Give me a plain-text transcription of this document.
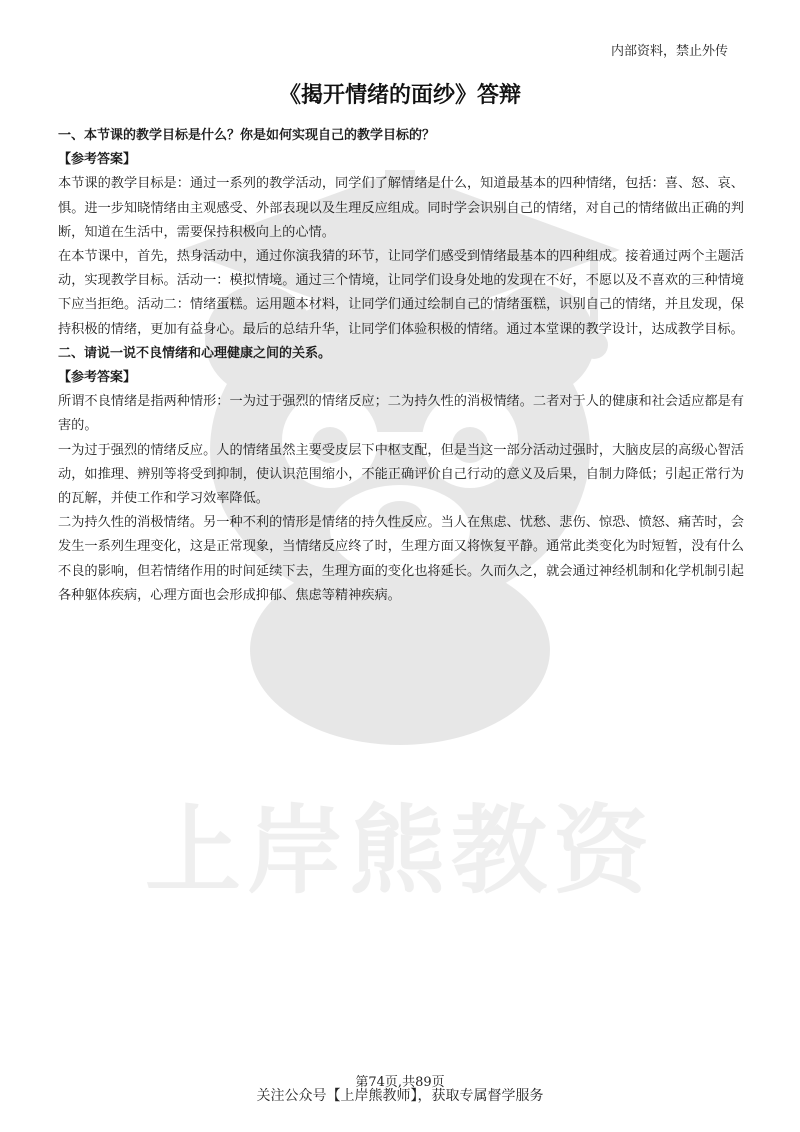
上岸熊教资
内部资料，禁止外传
《揭开情绪的面纱》答辩

一、本节课的教学目标是什么？你是如何实现自己的教学目标的？

【参考答案】

本节课的教学目标是：通过一系列的教学活动，同学们了解情绪是什么，知道最基本的四种情绪，包括：喜、怒、哀、惧。进一步知晓情绪由主观感受、外部表现以及生理反应组成。同时学会识别自己的情绪，对自己的情绪做出正确的判断，知道在生活中，需要保持积极向上的心情。

在本节课中，首先，热身活动中，通过你演我猜的环节，让同学们感受到情绪最基本的四种组成。接着通过两个主题活动，实现教学目标。活动一：模拟情境。通过三个情境，让同学们设身处地的发现在不好，不愿以及不喜欢的三种情境下应当拒绝。活动二：情绪蛋糕。运用题本材料，让同学们通过绘制自己的情绪蛋糕，识别自己的情绪，并且发现，保持积极的情绪，更加有益身心。最后的总结升华，让同学们体验积极的情绪。通过本堂课的教学设计，达成教学目标。

二、请说一说不良情绪和心理健康之间的关系。

【参考答案】

所谓不良情绪是指两种情形：一为过于强烈的情绪反应；二为持久性的消极情绪。二者对于人的健康和社会适应都是有害的。

一为过于强烈的情绪反应。人的情绪虽然主要受皮层下中枢支配，但是当这一部分活动过强时，大脑皮层的高级心智活动，如推理、辨别等将受到抑制，使认识范围缩小，不能正确评价自己行动的意义及后果，自制力降低；引起正常行为的瓦解，并使工作和学习效率降低。

二为持久性的消极情绪。另一种不利的情形是情绪的持久性反应。当人在焦虑、忧愁、悲伤、惊恐、愤怒、痛苦时，会发生一系列生理变化，这是正常现象，当情绪反应终了时，生理方面又将恢复平静。通常此类变化为时短暂，没有什么不良的影响，但若情绪作用的时间延续下去，生理方面的变化也将延长。久而久之，就会通过神经机制和化学机制引起各种躯体疾病，心理方面也会形成抑郁、焦虑等精神疾病。

第74页,共89页
关注公众号【上岸熊教师】，获取专属督学服务
